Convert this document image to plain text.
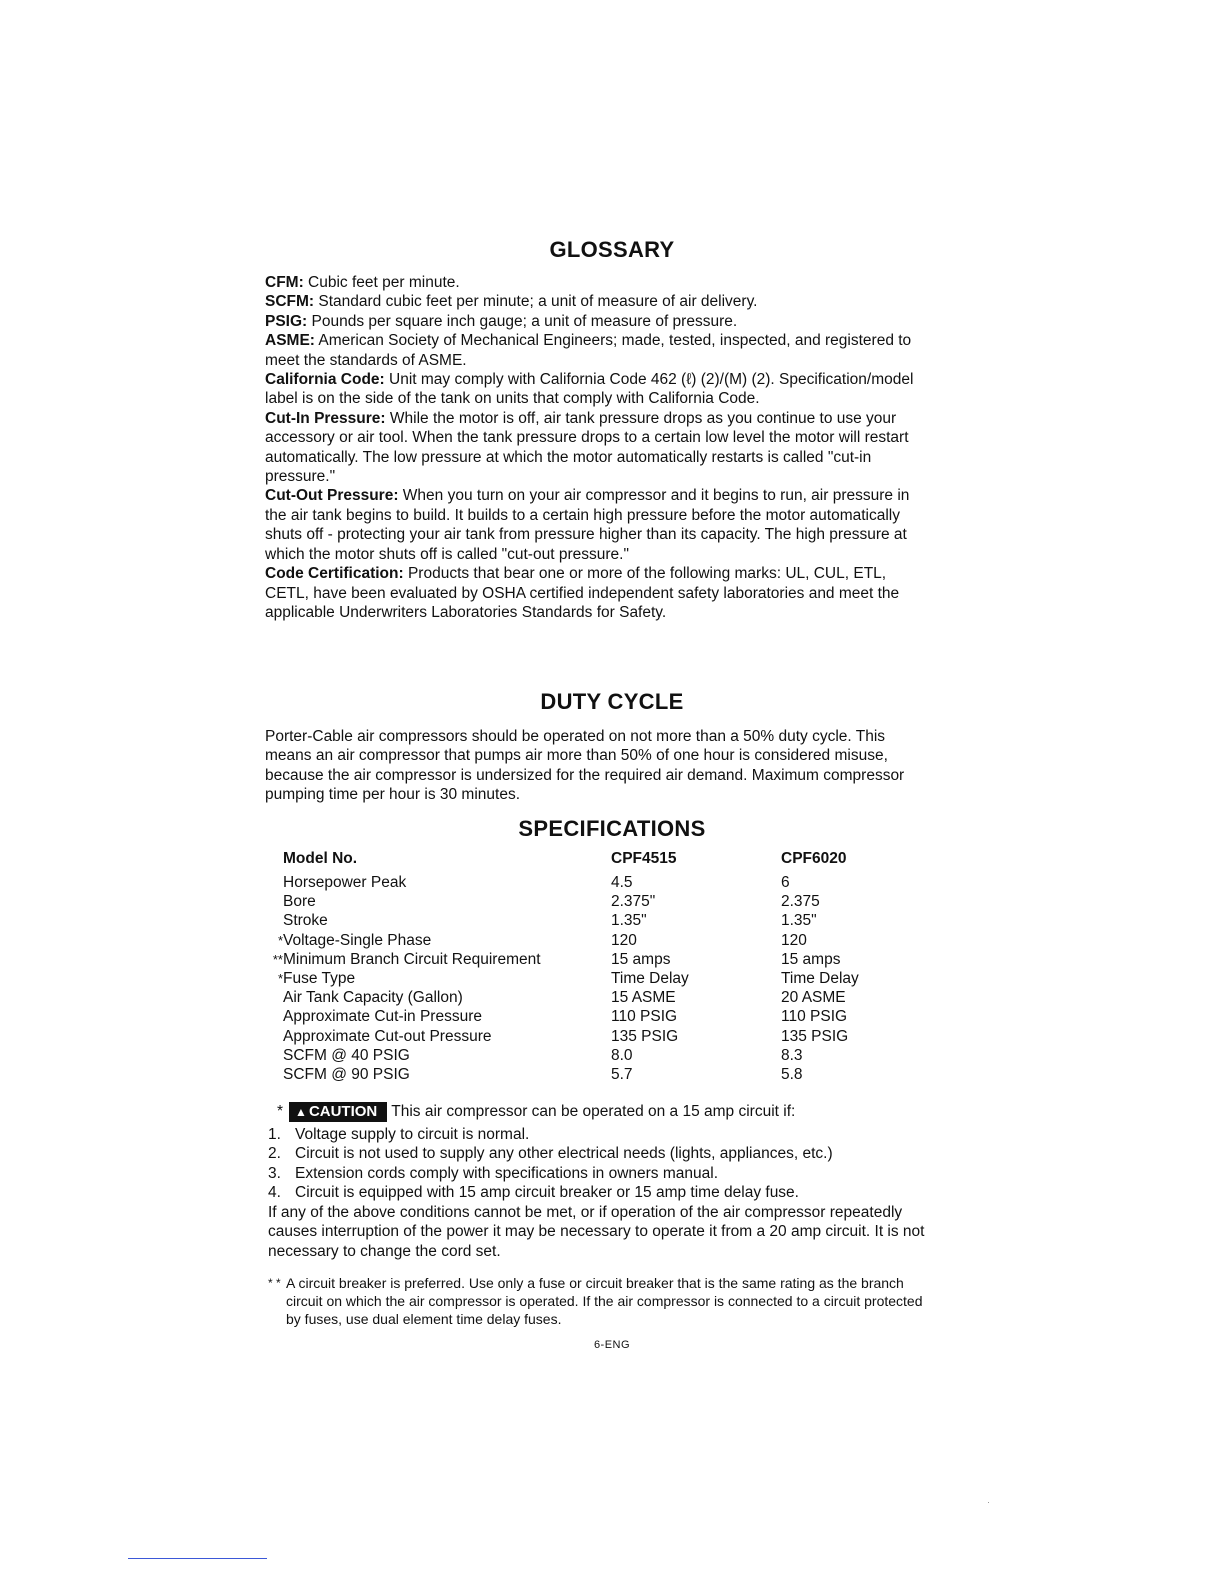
GLOSSARY

CFM: Cubic feet per minute.

SCFM: Standard cubic feet per minute; a unit of measure of air delivery.

PSIG: Pounds per square inch gauge; a unit of measure of pressure.

ASME: American Society of Mechanical Engineers; made, tested, inspected, and registered to meet the standards of ASME.

California Code: Unit may comply with California Code 462 (ℓ) (2)/(M) (2). Specification/model label is on the side of the tank on units that comply with California Code.

Cut-In Pressure: While the motor is off, air tank pressure drops as you continue to use your accessory or air tool. When the tank pressure drops to a certain low level the motor will restart automatically. The low pressure at which the motor automatically restarts is called "cut-in pressure."

Cut-Out Pressure: When you turn on your air compressor and it begins to run, air pressure in the air tank begins to build. It builds to a certain high pressure before the motor automatically shuts off - protecting your air tank from pressure higher than its capacity. The high pressure at which the motor shuts off is called "cut-out pressure."

Code Certification: Products that bear one or more of the following marks: UL, CUL, ETL, CETL, have been evaluated by OSHA certified independent safety laboratories and meet the applicable Underwriters Laboratories Standards for Safety.

DUTY CYCLE

Porter-Cable air compressors should be operated on not more than a 50% duty cycle. This means an air compressor that pumps air more than 50% of one hour is considered misuse, because the air compressor is undersized for the required air demand. Maximum compressor pumping time per hour is 30 minutes.

SPECIFICATIONS
	Model No.	CPF4515	CPF6020
	Horsepower Peak	4.5	6
	Bore	2.375"	2.375
	Stroke	1.35"	1.35"
*	Voltage-Single Phase	120	120
**	Minimum Branch Circuit Requirement	15 amps	15 amps
*	Fuse Type	Time Delay	Time Delay
	Air Tank Capacity (Gallon)	15 ASME	20 ASME
	Approximate Cut-in Pressure	110 PSIG	110 PSIG
	Approximate Cut-out Pressure	135 PSIG	135 PSIG
	SCFM @ 40 PSIG	8.0	8.3
	SCFM @ 90 PSIG	5.7	5.8
* ▲ CAUTION This air compressor can be operated on a 15 amp circuit if:
1. Voltage supply to circuit is normal.
2. Circuit is not used to supply any other electrical needs (lights, appliances, etc.)
3. Extension cords comply with specifications in owners manual.
4. Circuit is equipped with 15 amp circuit breaker or 15 amp time delay fuse.

If any of the above conditions cannot be met, or if operation of the air compressor repeatedly causes interruption of the power it may be necessary to operate it from a 20 amp circuit. It is not necessary to change the cord set.

* * A circuit breaker is preferred. Use only a fuse or circuit breaker that is the same rating as the branch circuit on which the air compressor is operated. If the air compressor is connected to a circuit protected by fuses, use dual element time delay fuses.

6-ENG
